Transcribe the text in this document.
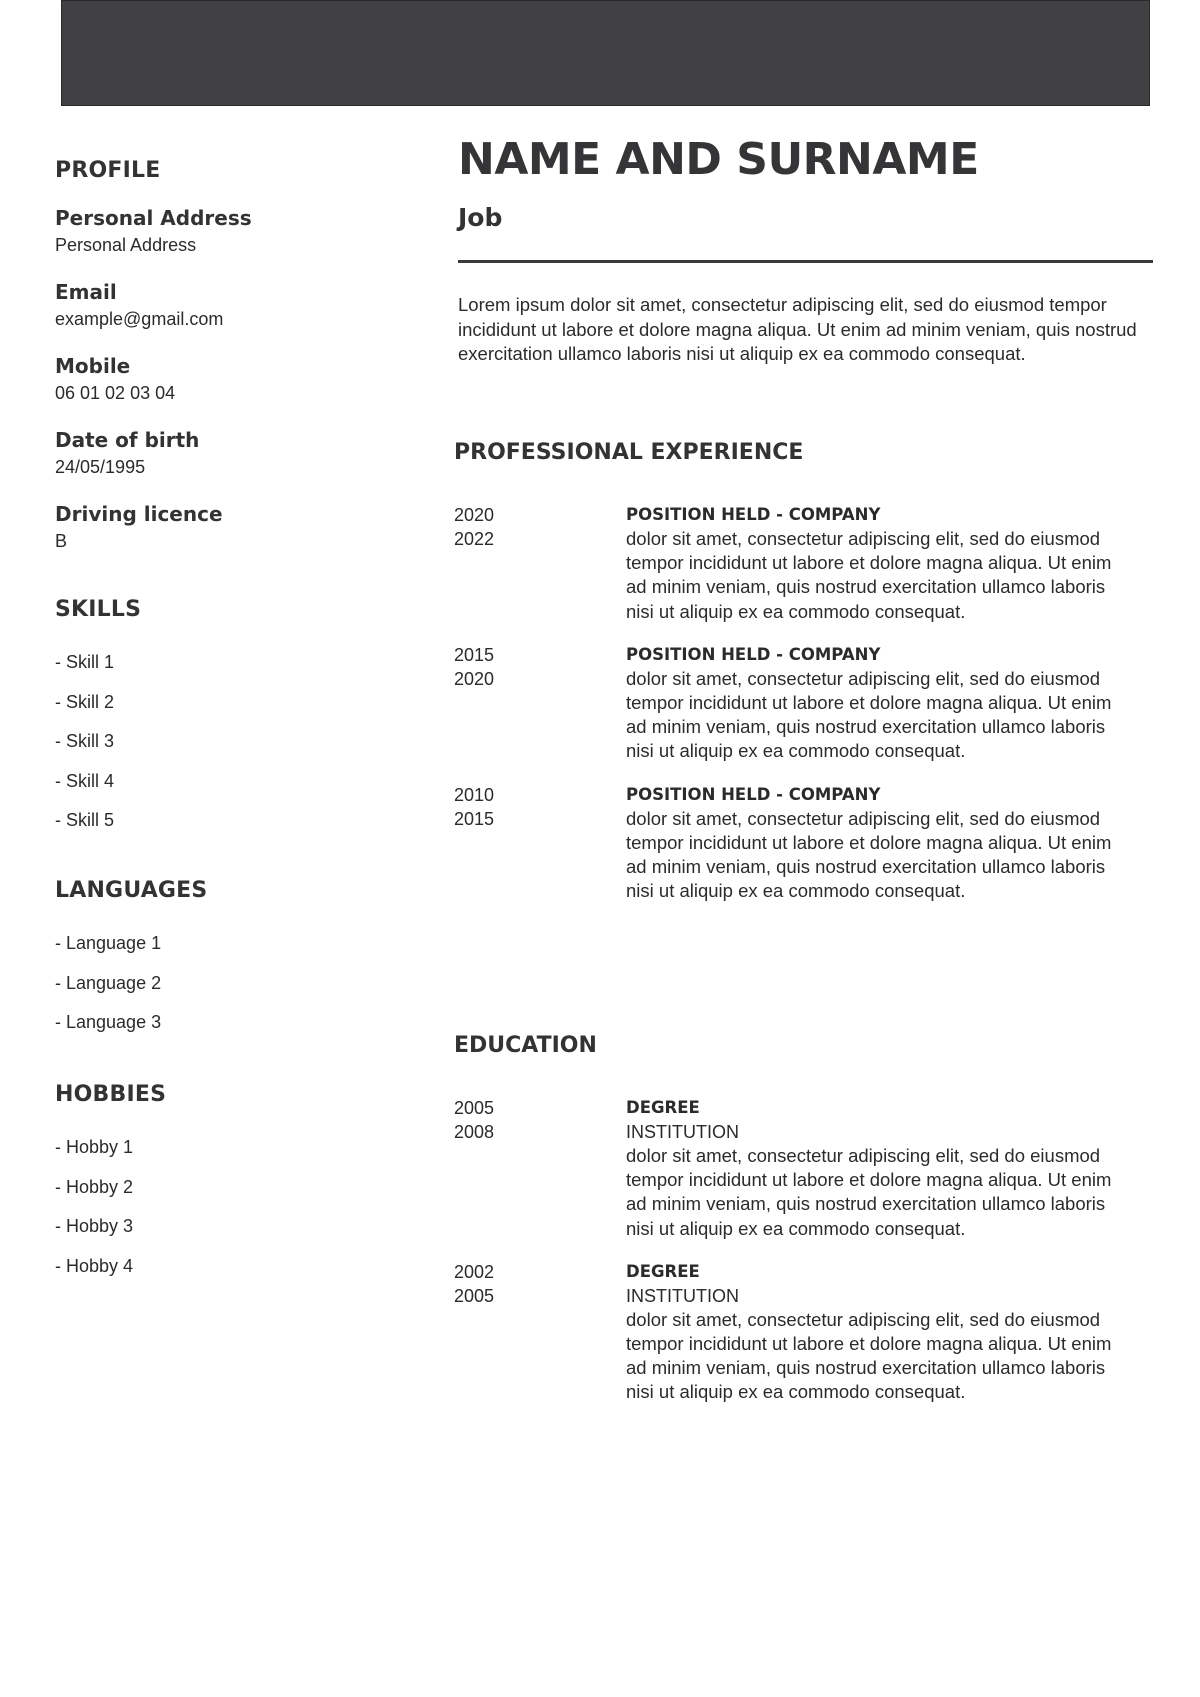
PROFILE
Personal Address
Personal Address
Email
example@gmail.com
Mobile
06 01 02 03 04
Date of birth
24/05/1995
Driving licence
B
SKILLS
- Skill 1
- Skill 2
- Skill 3
- Skill 4
- Skill 5
LANGUAGES
- Language 1
- Language 2
- Language 3
HOBBIES
- Hobby 1
- Hobby 2
- Hobby 3
- Hobby 4
NAME AND SURNAME
Job
Lorem ipsum dolor sit amet, consectetur adipiscing elit, sed do eiusmod tempor incididunt ut labore et dolore magna aliqua. Ut enim ad minim veniam, quis nostrud exercitation ullamco laboris nisi ut aliquip ex ea commodo consequat.
PROFESSIONAL EXPERIENCE
2020
2022
POSITION HELD - COMPANY
dolor sit amet, consectetur adipiscing elit, sed do eiusmod tempor incididunt ut labore et dolore magna aliqua. Ut enim ad minim veniam, quis nostrud exercitation ullamco laboris nisi ut aliquip ex ea commodo consequat.
2015
2020
POSITION HELD - COMPANY
dolor sit amet, consectetur adipiscing elit, sed do eiusmod tempor incididunt ut labore et dolore magna aliqua. Ut enim ad minim veniam, quis nostrud exercitation ullamco laboris nisi ut aliquip ex ea commodo consequat.
2010
2015
POSITION HELD - COMPANY
dolor sit amet, consectetur adipiscing elit, sed do eiusmod tempor incididunt ut labore et dolore magna aliqua. Ut enim ad minim veniam, quis nostrud exercitation ullamco laboris nisi ut aliquip ex ea commodo consequat.
EDUCATION
2005
2008
DEGREE
INSTITUTION
dolor sit amet, consectetur adipiscing elit, sed do eiusmod tempor incididunt ut labore et dolore magna aliqua. Ut enim ad minim veniam, quis nostrud exercitation ullamco laboris nisi ut aliquip ex ea commodo consequat.
2002
2005
DEGREE
INSTITUTION
dolor sit amet, consectetur adipiscing elit, sed do eiusmod tempor incididunt ut labore et dolore magna aliqua. Ut enim ad minim veniam, quis nostrud exercitation ullamco laboris nisi ut aliquip ex ea commodo consequat.
